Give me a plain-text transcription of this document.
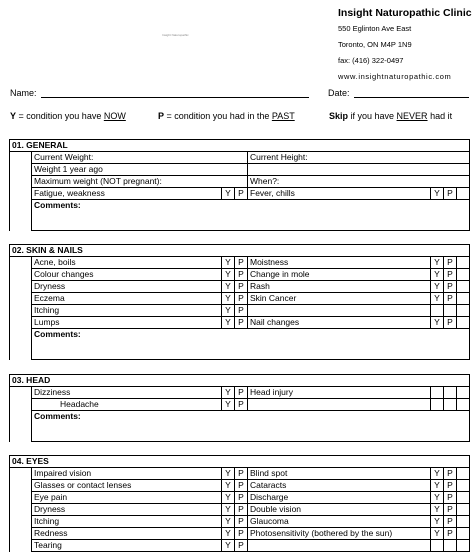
Insight Naturopathic
Insight Naturopathic Clinic
550 Eglinton Ave East
Toronto, ON M4P 1N9
fax: (416) 322-0497
www.insightnaturopathic.com
Name:	Date:
Y = condition you have NOW	P = condition you had in the PAST	Skip if you have NEVER had it
01. GENERAL							
	Current Weight:			Current Height:			
	Weight 1 year ago						
	Maximum weight (NOT pregnant):			When?:			
	Fatigue, weakness	Y	P	Fever, chills	Y	P	
	Comments:						
02. SKIN & NAILS							
	Acne, boils	Y	P	Moistness	Y	P	
	Colour changes	Y	P	Change in mole	Y	P	
	Dryness	Y	P	Rash	Y	P	
	Eczema	Y	P	Skin Cancer	Y	P	
	Itching	Y	P				
	Lumps	Y	P	Nail changes	Y	P	
	Comments:						
03. HEAD							
	Dizziness	Y	P	Head injury			
	Headache	Y	P				
	Comments:						
04. EYES							
	Impaired vision	Y	P	Blind spot	Y	P	
	Glasses or contact lenses	Y	P	Cataracts	Y	P	
	Eye pain	Y	P	Discharge	Y	P	
	Dryness	Y	P	Double vision	Y	P	
	Itching	Y	P	Glaucoma	Y	P	
	Redness	Y	P	Photosensitivity (bothered by the sun)	Y	P	
	Tearing	Y	P				
